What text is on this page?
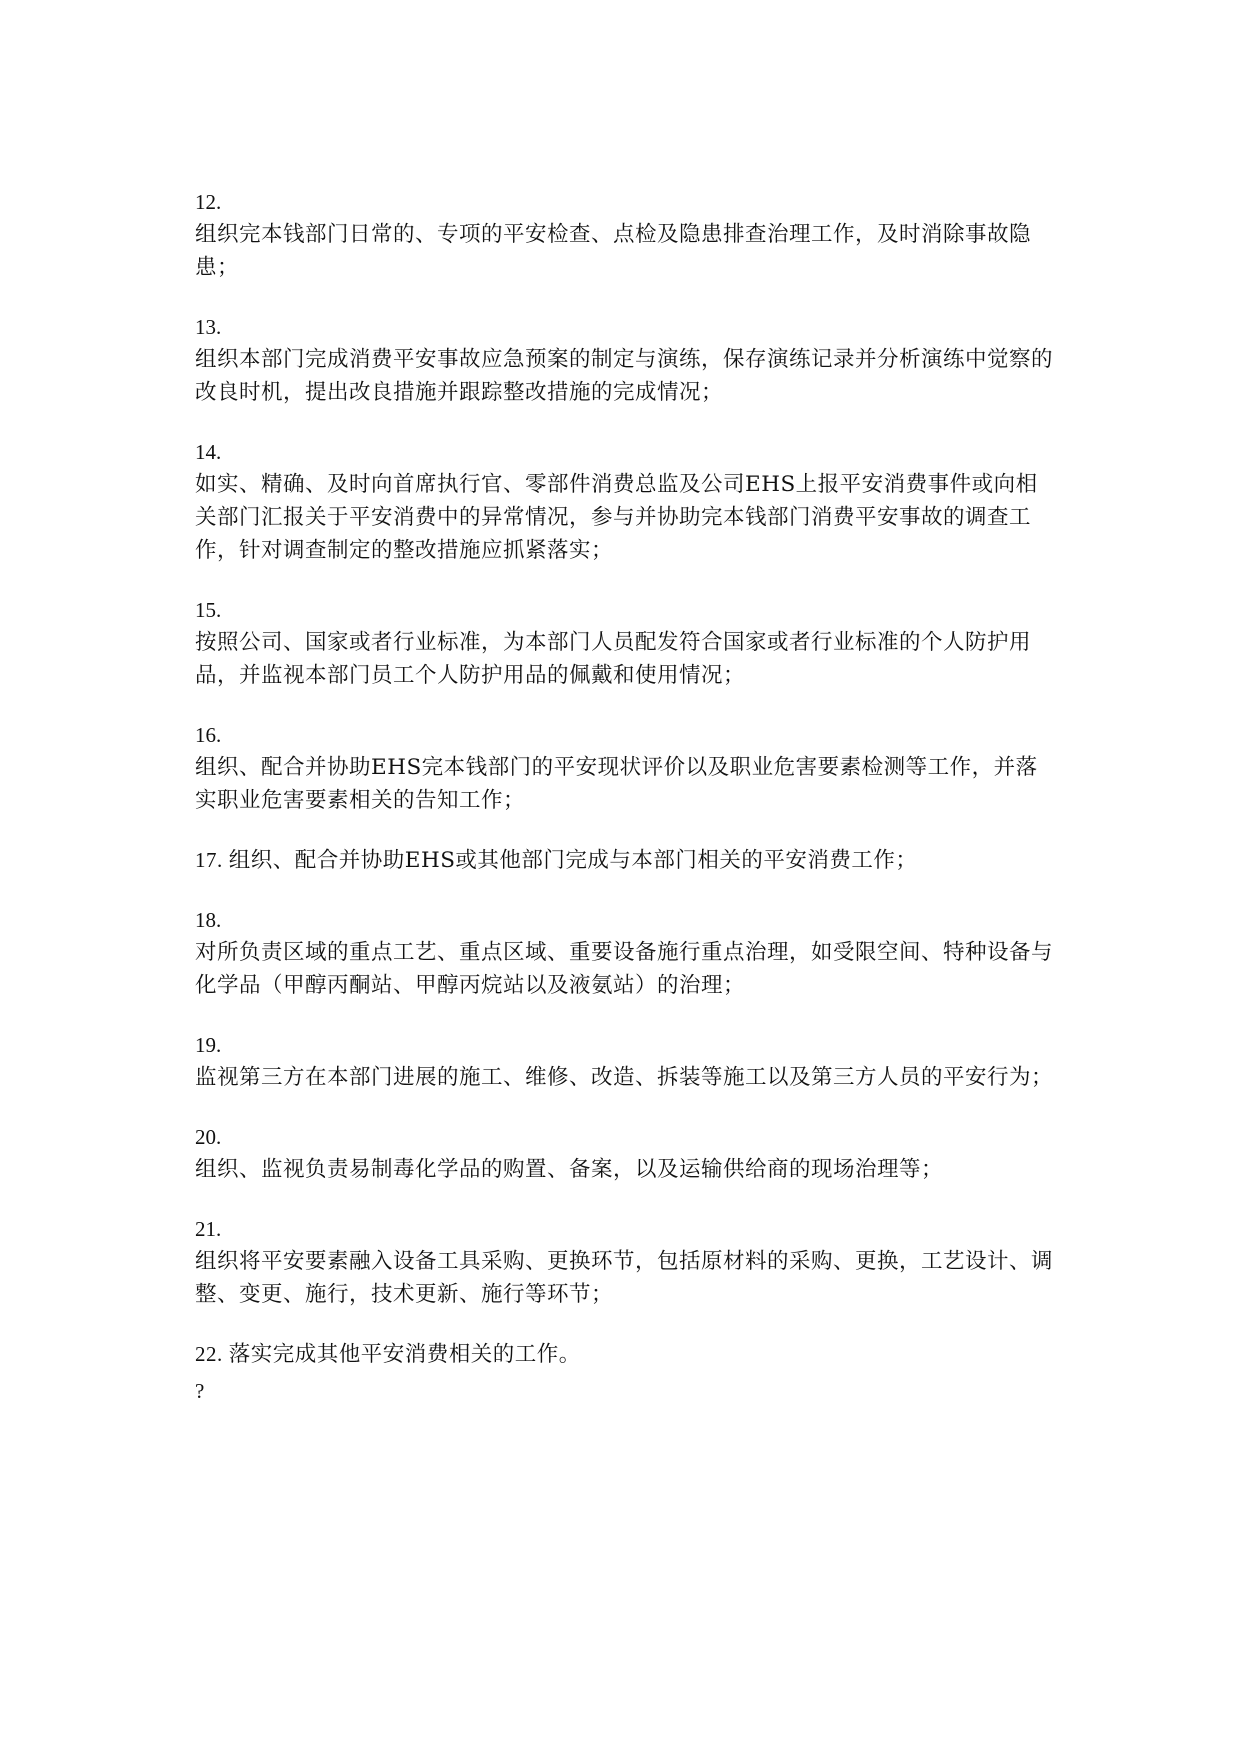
12.
组织完本钱部门日常的、专项的平安检查、点检及隐患排查治理工作，及时消除事故隐患；
13.
组织本部门完成消费平安事故应急预案的制定与演练，保存演练记录并分析演练中觉察的改良时机，提出改良措施并跟踪整改措施的完成情况；
14.
如实、精确、及时向首席执行官、零部件消费总监及公司EHS上报平安消费事件或向相关部门汇报关于平安消费中的异常情况，参与并协助完本钱部门消费平安事故的调查工作，针对调查制定的整改措施应抓紧落实；
15.
按照公司、国家或者行业标准，为本部门人员配发符合国家或者行业标准的个人防护用品，并监视本部门员工个人防护用品的佩戴和使用情况；
16.
组织、配合并协助EHS完本钱部门的平安现状评价以及职业危害要素检测等工作，并落实职业危害要素相关的告知工作；
17. 组织、配合并协助EHS或其他部门完成与本部门相关的平安消费工作；
18.
对所负责区域的重点工艺、重点区域、重要设备施行重点治理，如受限空间、特种设备与化学品（甲醇丙酮站、甲醇丙烷站以及液氨站）的治理；
19.
监视第三方在本部门进展的施工、维修、改造、拆装等施工以及第三方人员的平安行为；
20.
组织、监视负责易制毒化学品的购置、备案，以及运输供给商的现场治理等；
21.
组织将平安要素融入设备工具采购、更换环节，包括原材料的采购、更换，工艺设计、调整、变更、施行，技术更新、施行等环节；
22. 落实完成其他平安消费相关的工作。
?
